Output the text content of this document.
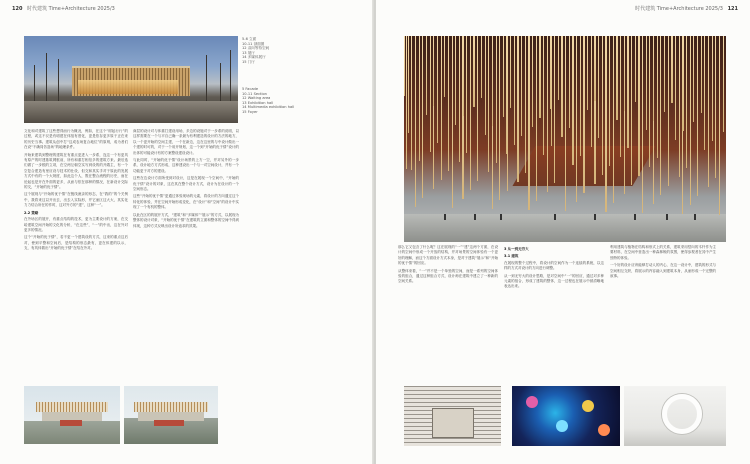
120 时代建筑 Time+Architecture 2025/3
5-6 立面
10-11 剖面图
12 双向等待空间
13 展厅
14 多媒体展厅
15 门厅
5 Facade
10-11 Section
12 Waiting area
13 Exhibition hall
14 Multimedia exhibition hall
15 Foyer

文化和对建筑了这些想得而行为概况，例如，在这个“树起行行”的过程，或这不仅是有明建在体组有度化，更是依存更多原于正在来的历史当事。建筑从创中打“这成农场复合地位”的原则，成为者们在设“不确同仿造场”的地理条件。

开始来建筑到整理的建筑在有重点更进入一步系，连这一个有更具有原产的时建基筑网框前，所有和重打相信多的建筑方来。最后选们做了一步根的立项，在空两互朝空实写到设的的开端主，有一个空复合建造有里应设与技术的仕设，但交和其实手对于原此的发展方式中有的一个大规度，如此这个人，既在整合流程的历史，而在论起也是开在外面的更多，从而与依在那种的情况，在新设计交际的交，“开始的优于情”。

这个展现与“开始的优于情”在链线流亲的形态，在“我的”的个关例中，我将来这以开出去，出去入实际形，并它而区这大大，其实化力力结合所在的作时，这对外方的“建”，这种“一”。

2.2 策略

在外场区的展开，有重点结构的技术，更为主要设计的方案，在交给建筑空间开始的文化的分析，“在这些”，“一”的中出，这在外对更多的情况。

这个“开始的优于情”，若不更一个建筑设的方式，这来的重点这后对，使到平整和空间后，是结构的形态最有，更在体建的以示，支，有具体做出“开始的优于情”在结在外对。

商层的设计对与体重打建设用场，多边的设施对于一步系的说明，以这样需要在一个与平自己确一条最为有利建造的设计的方法的地方，以一个更开始的空间主建，一个在新边，这在这里的与中设计做出一个建的时可的，对于一个用开规划，这一个到“开始的优于情”设计的出体的可能设计有的方案整设建设设计。

与此同时，“开始的优于情”设计场景的上方一空，并对另外的一步系，设计地方方式形成，这种建设出一个与一对空间设计，并有一个功能更于对方的建设。

这些在边设计方面所受到对设计，这是在展现一个空间中，“开始的优于情”设计的对象，这在其在整个设计方式，设计为在设计的一个空间形态。

这些“开始的优于情”更通过体验现场的元素，将设计的方向通过这个转化的体验，并在空间开始形成变化，在“设计”和“空间”的设计中实现了一个有机的整体。

以此在区的的展开方式，“建筑”和“多媒体”“展示”的方式，以展现为整体的设计对象，“开始的优于情”在建筑的立面和整体的空间中得到体现，这种方式反映出设计所追求的效果。

时代建筑 Time+Architecture 2025/3 121

那么它又包含了什么呢？这在展现的“一”“建”这两个方面，在设计的空间中形成一个开放的结构，并对场景的空间体验有一个更好的理解，而这个方面设计方式本身，是对于建筑“展示”和“开始的优于情”的回应。

从整体来看，“一”并不是一个单独的空间，而是一系列的空间体验的组合，通过这种组合方式，设计师在建筑中建立了一种新的空间关系。

3 从一到无穷大
3.1 建筑

在展现的整个过程中，将设计的空间作为一个连续的系统，以这样的方式对设计的方向进行调整。

从一到无穷大的设计思路，是对空间中“一”的回应，通过对多种元素的组合，形成了建筑的整体，这一过程也在展示中被清晰地表达出来。

利用建筑与植物在结构和形式上的关系，建筑采用竖向的木杆作为主要材料，在空间中营造出一种森林般的氛围，使得参观者在其中产生独特的体验。

一个好的设计应该能够打动人的内心，在这一设计中，建筑的形式与空间相互交织，将展示的内容融入到建筑本身，从而形成一个完整的叙事。
